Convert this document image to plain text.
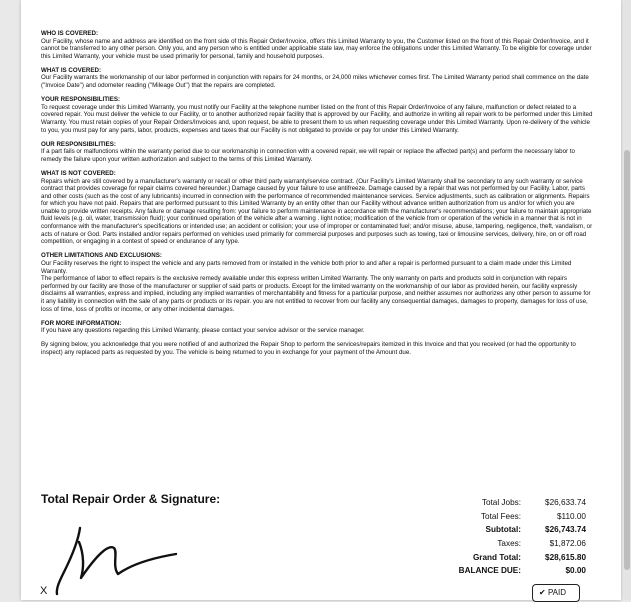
WHO IS COVERED:

Our Facility, whose name and address are identified on the front side of this Repair Order/Invoice, offers this Limited Warranty to you, the Customer listed on the front of this Repair Order/Invoice, and it cannot be transferred to any other person. Only you, and any person who is entitled under applicable state law, may enforce the obligations under this Limited Warranty. To be eligible for coverage under this Limited Warranty, your vehicle must be used primarily for personal, family and household purposes.

WHAT IS COVERED:

Our Facility warrants the workmanship of our labor performed in conjunction with repairs for 24 months, or 24,000 miles whichever comes first. The Limited Warranty period shall commence on the date ("Invoice Date") and odometer reading ("Mileage Out") that the repairs are completed.

YOUR RESPONSIBILITIES:

To request coverage under this Limited Warranty, you must notify our Facility at the telephone number listed on the front of this Repair Order/Invoice of any failure, malfunction or defect related to a covered repair. You must deliver the vehicle to our Facility, or to another authorized repair facility that is approved by our Facility, and authorize in writing all repair work to be performed under this Limited Warranty. You must retain copies of your Repair Orders/Invoices and, upon request, be able to present them to us when requesting coverage under this Limited Warranty. Upon re-delivery of the vehicle to you, you must pay for any parts, labor, products, expenses and taxes that our Facility is not obligated to provide or pay for under this Limited Warranty.

OUR RESPONSIBILITIES:

If a part fails or malfunctions within the warranty period due to our workmanship in connection with a covered repair, we will repair or replace the affected part(s) and perform the necessary labor to remedy the failure upon your written authorization and subject to the terms of this Limited Warranty.

WHAT IS NOT COVERED:

Repairs which are still covered by a manufacturer's warranty or recall or other third party warranty/service contract. (Our Facility's Limited Warranty shall be secondary to any such warranty or service contract that provides coverage for repair claims covered hereunder.) Damage caused by your failure to use antifreeze. Damage caused by a repair that was not performed by our Facility. Labor, parts and other costs (such as the cost of any lubricants) incurred in connection with the performance of recommended maintenance services. Service adjustments, such as calibration or alignments. Repairs for which you have not paid. Repairs that are performed pursuant to this Limited Warranty by an entity other than our Facility without advance written authorization from us and/or for which you are unable to provide written receipts. Any failure or damage resulting from: your failure to perform maintenance in accordance with the manufacturer's recommendations; your failure to maintain appropriate fluid levels (e.g. oil, water, transmission fluid); your continued operation of the vehicle after a warning . light notice; modification of the vehicle from or operation of the vehicle in a manner that is not in conformance with the manufacturer's specifications or intended use; an accident or collision; your use of improper or contaminated fuel; and/or misuse, abuse, tampering, negligence, theft, vandalism, or acts of nature or God. Parts installed and/or repairs performed on vehicles used primarily for commercial purposes and purposes such as towing, taxi or limousine services, delivery, hire, on or off road competition, or engaging in a contest of speed or endurance of any type.

OTHER LIMITATIONS AND EXCLUSIONS:

Our Facility reserves the right to inspect the vehicle and any parts removed from or installed in the vehicle both prior to and after a repair is performed pursuant to a claim made under this Limited Warranty.

The performance of labor to effect repairs is the exclusive remedy available under this express written Limited Warranty. The only warranty on parts and products sold in conjunction with repairs performed by our facility are those of the manufacturer or supplier of said parts or products. Except for the limited warranty on the workmanship of our labor as provided herein, our facility expressly disclaims all warranties, express and implied, including any implied warranties of merchantability and fitness for a particular purpose, and neither assumes nor authorizes any other person to assume for it any liability in connection with the sale of any parts or products or its repair. you are not entitled to recover from our facility any consequential damages, damages to property, damages for loss of use, loss of time, loss of profits or income, or any other incidental damages.

FOR MORE INFORMATION:

If you have any questions regarding this Limited Warranty, please contact your service advisor or the service manager.

By signing below, you acknowledge that you were notified of and authorized the Repair Shop to perform the services/repairs itemized in this Invoice and that you received (or had the opportunity to inspect) any replaced parts as requested by you. The vehicle is being returned to you in exchange for your payment of the Amount due.

Total Repair Order & Signature:
X
Total Jobs:	$26,633.74
Total Fees:	$110.00
Subtotal:	$26,743.74
Taxes:	$1,872.06
Grand Total:	$28,615.80
BALANCE DUE:	$0.00
✔ PAID
